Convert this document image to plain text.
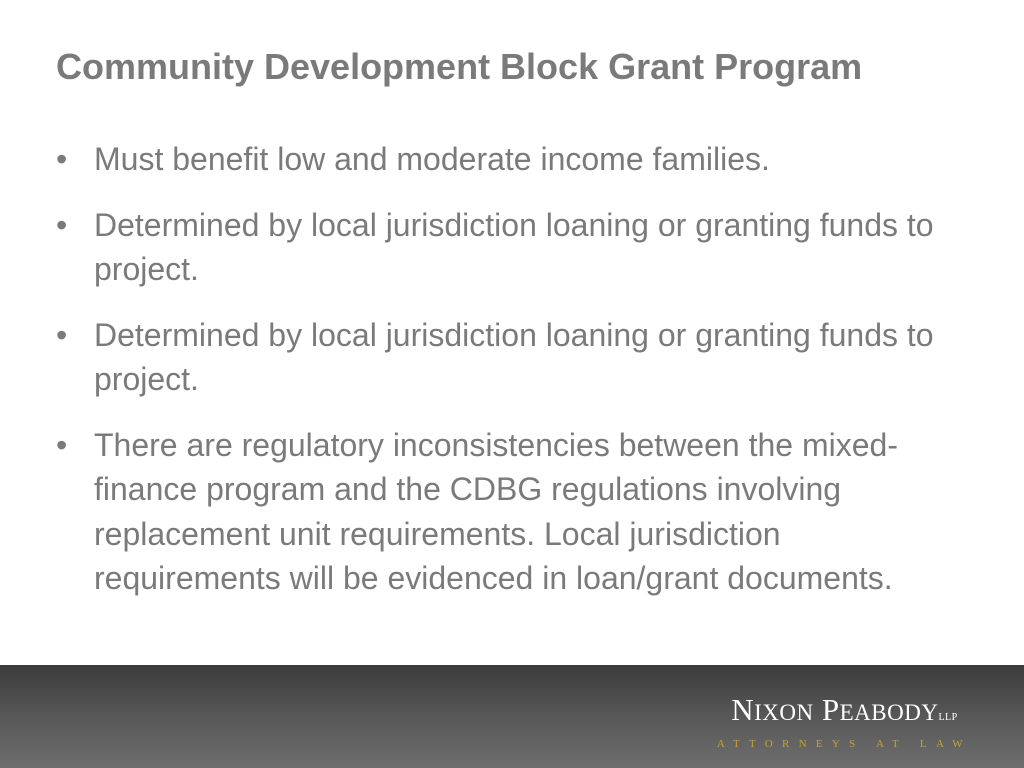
Community Development Block Grant Program
• Must benefit low and moderate income families.
• Determined by local jurisdiction loaning or granting funds to project.
• Determined by local jurisdiction loaning or granting funds to project.
• There are regulatory inconsistencies between the mixed-finance program and the CDBG regulations involving replacement unit requirements. Local jurisdiction requirements will be evidenced in loan/grant documents.
NIXON PEABODYLLP
ATTORNEYS AT LAW
